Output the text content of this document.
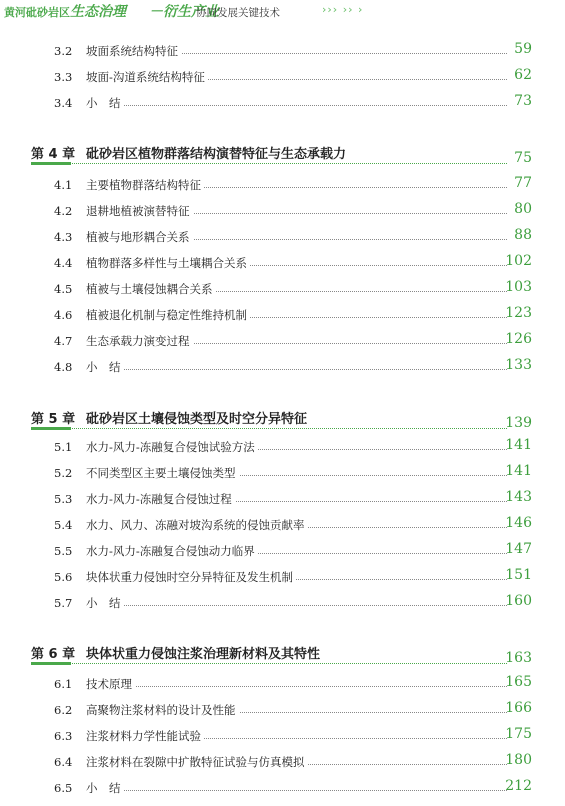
黄河砒砂岩区 生态治理 －衍生产业
协同发展关键技术	››› ›› ›
3.2 坡面系统结构特征	59
3.3 坡面-沟道系统结构特征	62
3.4 小　结	73
第 4 章 砒砂岩区植物群落结构演替特征与生态承载力	75
4.1 主要植物群落结构特征	77
4.2 退耕地植被演替特征	80
4.3 植被与地形耦合关系	88
4.4 植物群落多样性与土壤耦合关系	102
4.5 植被与土壤侵蚀耦合关系	103
4.6 植被退化机制与稳定性维持机制	123
4.7 生态承载力演变过程	126
4.8 小　结	133
第 5 章 砒砂岩区土壤侵蚀类型及时空分异特征	139
5.1 水力-风力-冻融复合侵蚀试验方法	141
5.2 不同类型区主要土壤侵蚀类型	141
5.3 水力-风力-冻融复合侵蚀过程	143
5.4 水力、风力、冻融对坡沟系统的侵蚀贡献率	146
5.5 水力-风力-冻融复合侵蚀动力临界	147
5.6 块体状重力侵蚀时空分异特征及发生机制	151
5.7 小　结	160
第 6 章 块体状重力侵蚀注浆治理新材料及其特性	163
6.1 技术原理	165
6.2 高聚物注浆材料的设计及性能	166
6.3 注浆材料力学性能试验	175
6.4 注浆材料在裂隙中扩散特征试验与仿真模拟	180
6.5 小　结	212
